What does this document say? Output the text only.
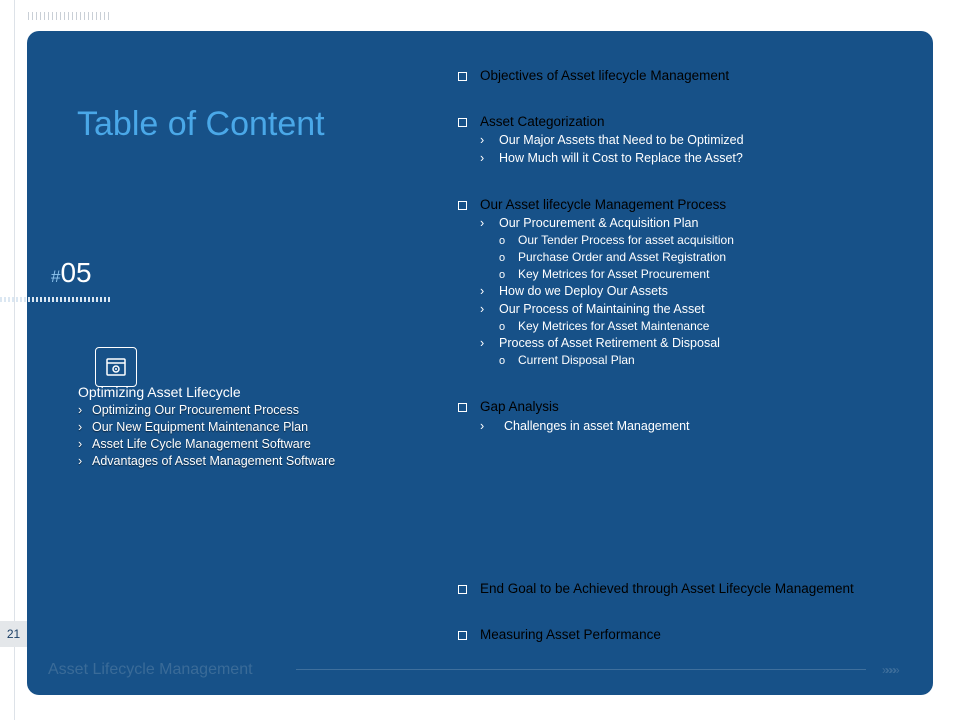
Table of Content
#05
Optimizing Asset Lifecycle
› Optimizing Our Procurement Process
› Our New Equipment Maintenance Plan
› Asset Life Cycle Management Software
› Advantages of Asset Management Software
Objectives of Asset lifecycle Management
Asset Categorization
› Our Major Assets that Need to be Optimized
› How Much will it Cost to Replace the Asset?
Our Asset lifecycle Management Process
› Our Procurement & Acquisition Plan
o Our Tender Process for asset acquisition
o Purchase Order and Asset Registration
o Key Metrices for Asset Procurement
› How do we Deploy Our Assets
› Our Process of Maintaining the Asset
o Key Metrices for Asset Maintenance
› Process of Asset Retirement & Disposal
o Current Disposal Plan
Gap Analysis
› Challenges in asset Management
End Goal to be Achieved through Asset Lifecycle Management
Measuring Asset Performance
Asset Lifecycle Management	»»»»
21
